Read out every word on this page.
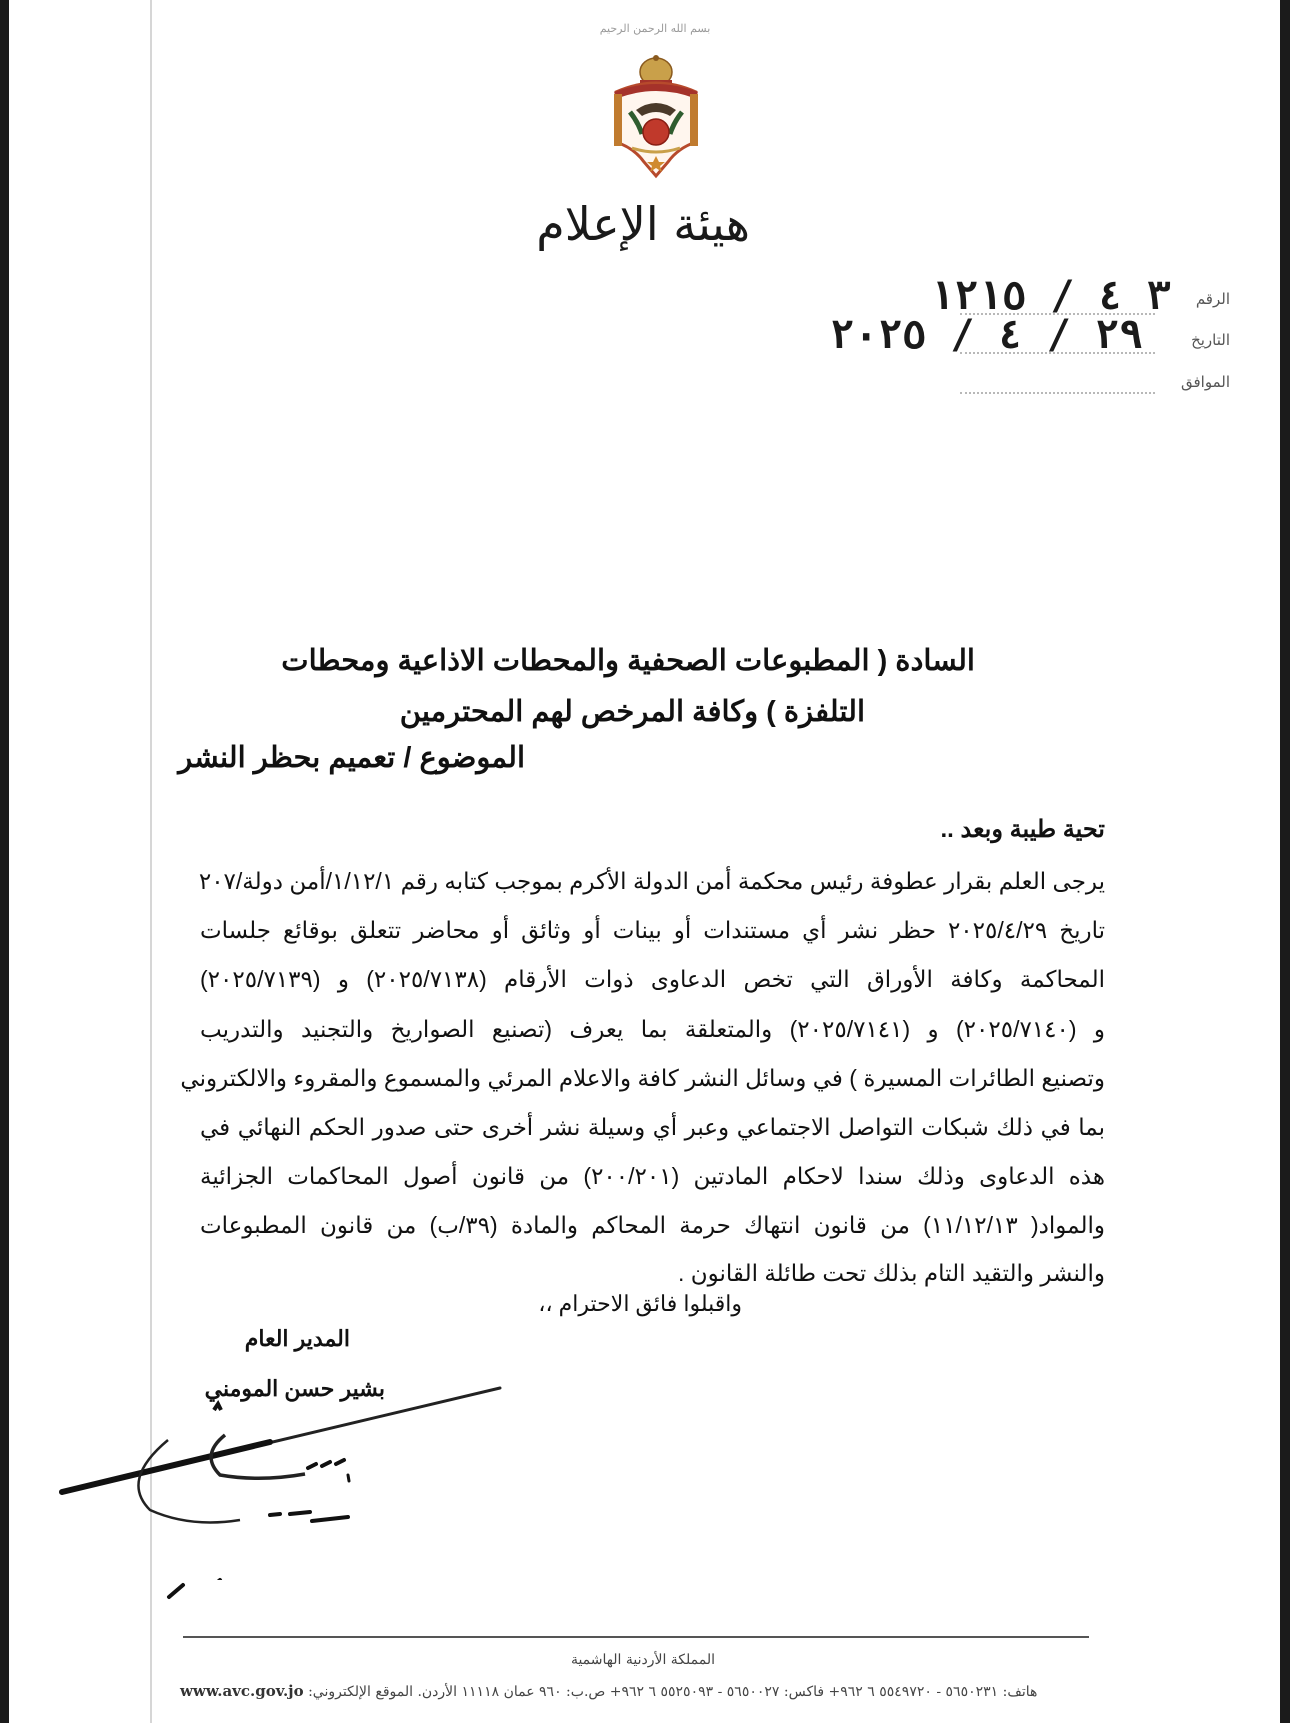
بسم الله الرحمن الرحيم
هيئة الإعلام
الرقم
٣ ٤ / ١٢١٥
التاريخ
٢٩ / ٤ / ٢٠٢٥
الموافق
السادة ( المطبوعات الصحفية والمحطات الاذاعية ومحطات
التلفزة ) وكافة المرخص لهم المحترمين
الموضوع / تعميم بحظر النشر
تحية طيبة وبعد ..
يرجى العلم بقرار عطوفة رئيس محكمة أمن الدولة الأكرم بموجب كتابه رقم ١/١٢/١/أمن دولة/٢٠٧
تاريخ ٢٠٢٥/٤/٢٩ حظر نشر أي مستندات أو بينات أو وثائق أو محاضر تتعلق بوقائع جلسات
المحاكمة وكافة الأوراق التي تخص الدعاوى ذوات الأرقام (٢٠٢٥/٧١٣٨) و (٢٠٢٥/٧١٣٩)
و (٢٠٢٥/٧١٤٠) و (٢٠٢٥/٧١٤١) والمتعلقة بما يعرف (تصنيع الصواريخ والتجنيد والتدريب
وتصنيع الطائرات المسيرة ) في وسائل النشر كافة والاعلام المرئي والمسموع والمقروء والالكتروني
بما في ذلك شبكات التواصل الاجتماعي وعبر أي وسيلة نشر أخرى حتى صدور الحكم النهائي في
هذه الدعاوى وذلك سندا لاحكام المادتين (٢٠٠/٢٠١) من قانون أصول المحاكمات الجزائية
والمواد( ١١/١٢/١٣) من قانون انتهاك حرمة المحاكم والمادة (٣٩/ب) من قانون المطبوعات
والنشر والتقيد التام بذلك تحت طائلة القانون .
واقبلوا فائق الاحترام ،،
المدير العام
بشير حسن المومني
المملكة الأردنية الهاشمية
www.avc.gov.jo هاتف: ٥٦٥٠٢٣١ - ٥٥٤٩٧٢٠ ٦ ٩٦٢+ فاكس: ٥٦٥٠٠٢٧ - ٥٥٢٥٠٩٣ ٦ ٩٦٢+ ص.ب: ٩٦٠ عمان ١١١١٨ الأردن. الموقع الإلكتروني:
